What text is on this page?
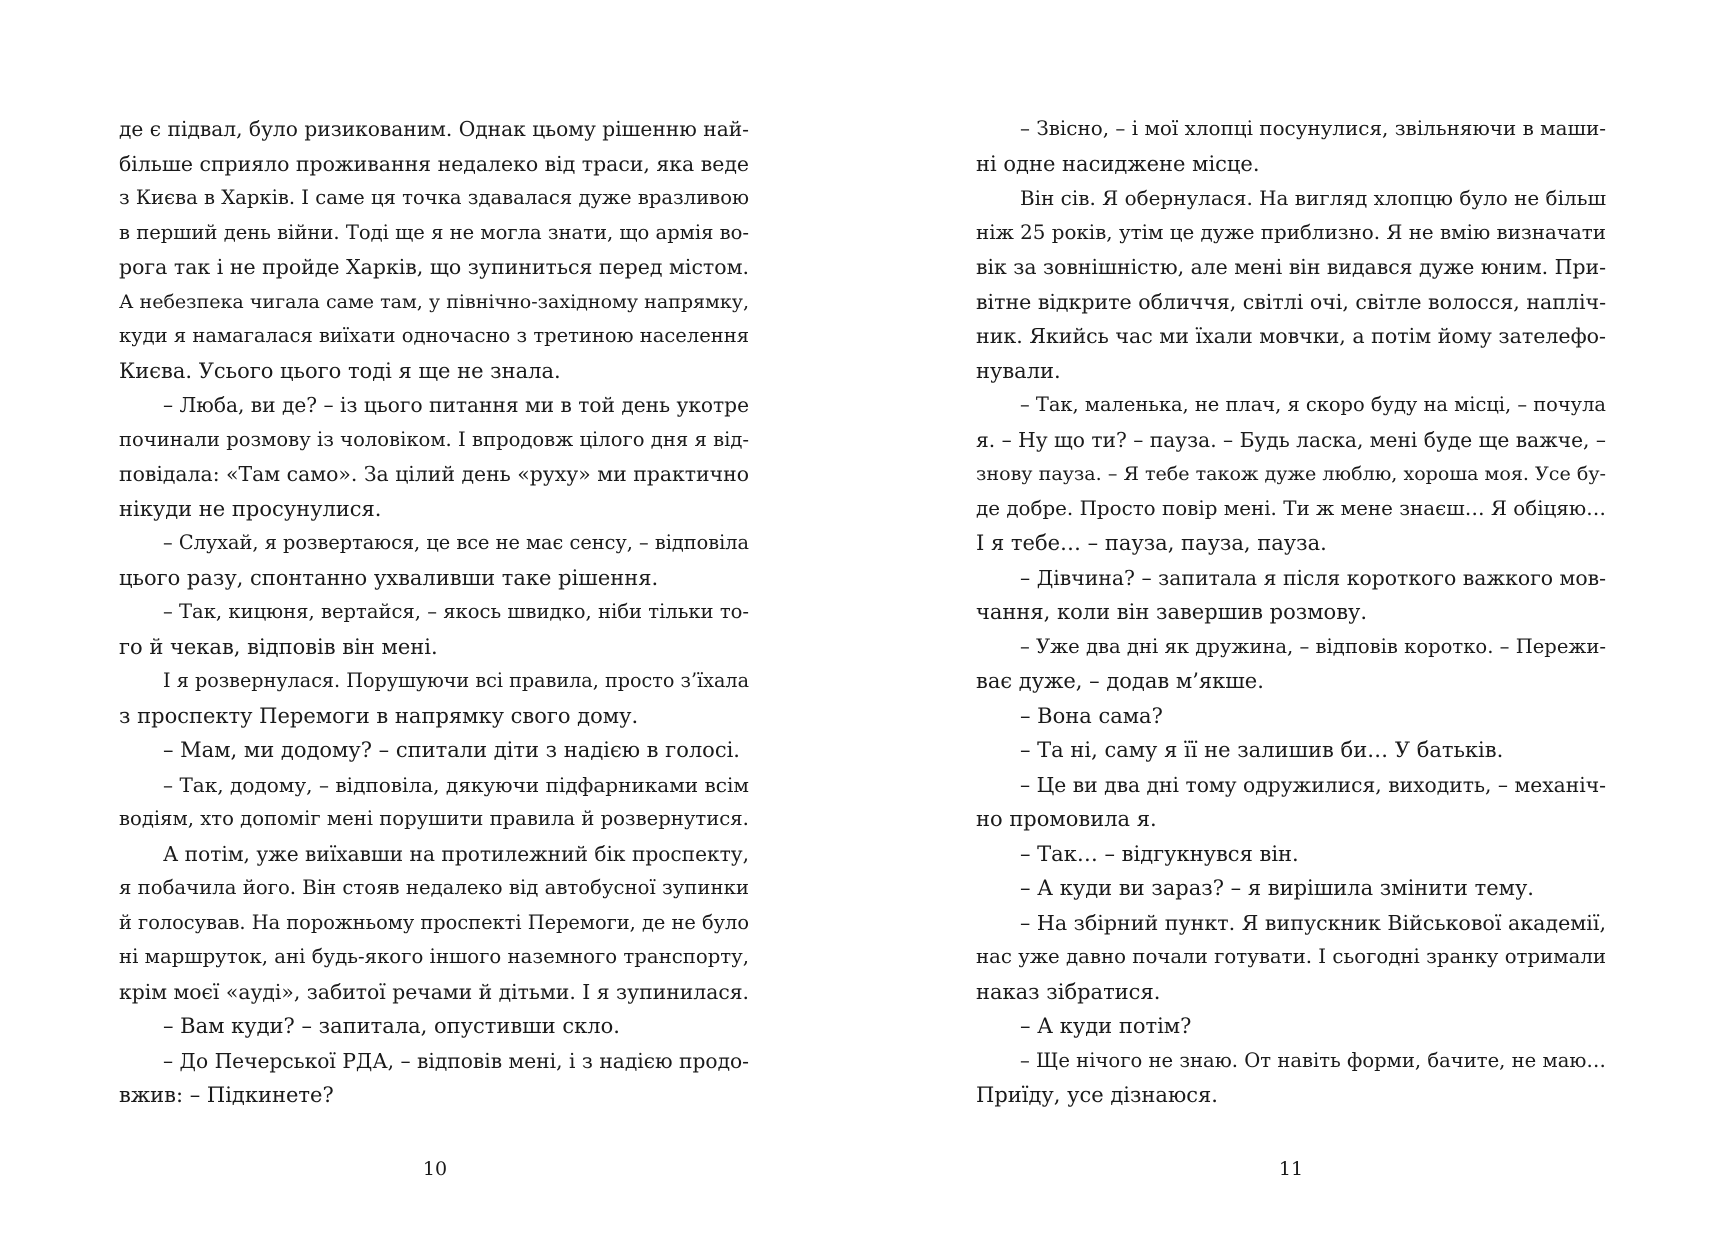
де є підвал, було ризикованим. Однак цьому рішенню най-
більше сприяло проживання недалеко від траси, яка веде
з Києва в Харків. І саме ця точка здавалася дуже вразливою
в перший день війни. Тоді ще я не могла знати, що армія во-
рога так і не пройде Харків, що зупиниться перед містом.
А небезпека чигала саме там, у північно-західному напрямку,
куди я намагалася виїхати одночасно з третиною населення
Києва. Усього цього тоді я ще не знала.
– Люба, ви де? – із цього питання ми в той день укотре
починали розмову із чоловіком. І впродовж цілого дня я від-
повідала: «Там само». За цілий день «руху» ми практично
нікуди не просунулися.
– Слухай, я розвертаюся, це все не має сенсу, – відповіла
цього разу, спонтанно ухваливши таке рішення.
– Так, кицюня, вертайся, – якось швидко, ніби тільки то-
го й чекав, відповів він мені.
І я розвернулася. Порушуючи всі правила, просто з’їхала
з проспекту Перемоги в напрямку свого дому.
– Мам, ми додому? – спитали діти з надією в голосі.
– Так, додому, – відповіла, дякуючи підфарниками всім
водіям, хто допоміг мені порушити правила й розвернутися.
А потім, уже виїхавши на протилежний бік проспекту,
я побачила його. Він стояв недалеко від автобусної зупинки
й голосував. На порожньому проспекті Перемоги, де не було
ні маршруток, ані будь-якого іншого наземного транспорту,
крім моєї «ауді», забитої речами й дітьми. І я зупинилася.
– Вам куди? – запитала, опустивши скло.
– До Печерської РДА, – відповів мені, і з надією продо-
вжив: – Підкинете?
– Звісно, – і мої хлопці посунулися, звільняючи в маши-
ні одне насиджене місце.
Він сів. Я обернулася. На вигляд хлопцю було не більш
ніж 25 років, утім це дуже приблизно. Я не вмію визначати
вік за зовнішністю, але мені він видався дуже юним. При-
вітне відкрите обличчя, світлі очі, світле волосся, напліч-
ник. Якийсь час ми їхали мовчки, а потім йому зателефо-
нували.
– Так, маленька, не плач, я скоро буду на місці, – почула
я. – Ну що ти? – пауза. – Будь ласка, мені буде ще важче, –
знову пауза. – Я тебе також дуже люблю, хороша моя. Усе бу-
де добре. Просто повір мені. Ти ж мене знаєш… Я обіцяю…
І я тебе… – пауза, пауза, пауза.
– Дівчина? – запитала я після короткого важкого мов-
чання, коли він завершив розмову.
– Уже два дні як дружина, – відповів коротко. – Пережи-
ває дуже, – додав м’якше.
– Вона сама?
– Та ні, саму я її не залишив би… У батьків.
– Це ви два дні тому одружилися, виходить, – механіч-
но промовила я.
– Так… – відгукнувся він.
– А куди ви зараз? – я вирішила змінити тему.
– На збірний пункт. Я випускник Військової академії,
нас уже давно почали готувати. І сьогодні зранку отримали
наказ зібратися.
– А куди потім?
– Ще нічого не знаю. От навіть форми, бачите, не маю…
Приїду, усе дізнаюся.
10	11
